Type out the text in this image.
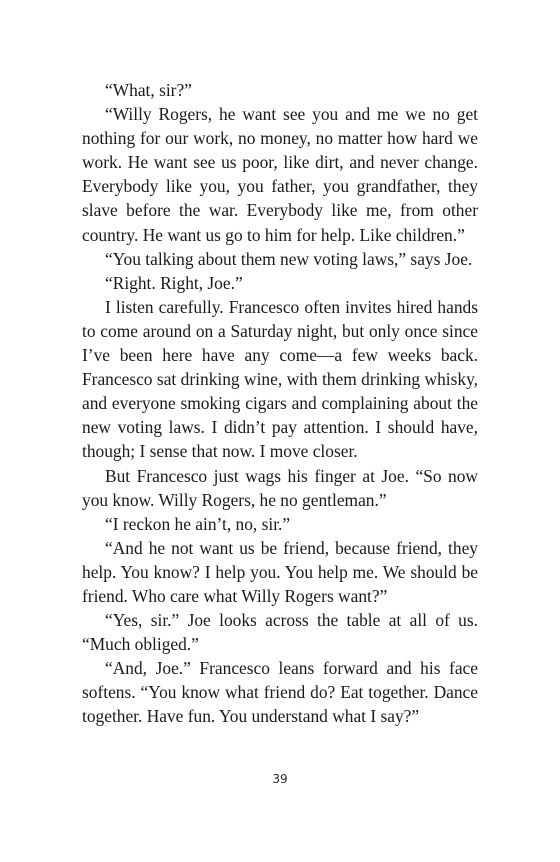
“What, sir?”

“Willy Rogers, he want see you and me we no get nothing for our work, no money, no matter how hard we work. He want see us poor, like dirt, and never change. Everybody like you, you father, you grandfather, they slave before the war. Everybody like me, from other country. He want us go to him for help. Like children.”

“You talking about them new voting laws,” says Joe.

“Right. Right, Joe.”

I listen carefully. Francesco often invites hired hands to come around on a Saturday night, but only once since I’ve been here have any come—a few weeks back. Francesco sat drinking wine, with them drinking whisky, and everyone smoking cigars and complaining about the new voting laws. I didn’t pay attention. I should have, though; I sense that now. I move closer.

But Francesco just wags his finger at Joe. “So now you know. Willy Rogers, he no gentleman.”

“I reckon he ain’t, no, sir.”

“And he not want us be friend, because friend, they help. You know? I help you. You help me. We should be friend. Who care what Willy Rogers want?”

“Yes, sir.” Joe looks across the table at all of us. “Much obliged.”

“And, Joe.” Francesco leans forward and his face softens. “You know what friend do? Eat together. Dance together. Have fun. You understand what I say?”

39
